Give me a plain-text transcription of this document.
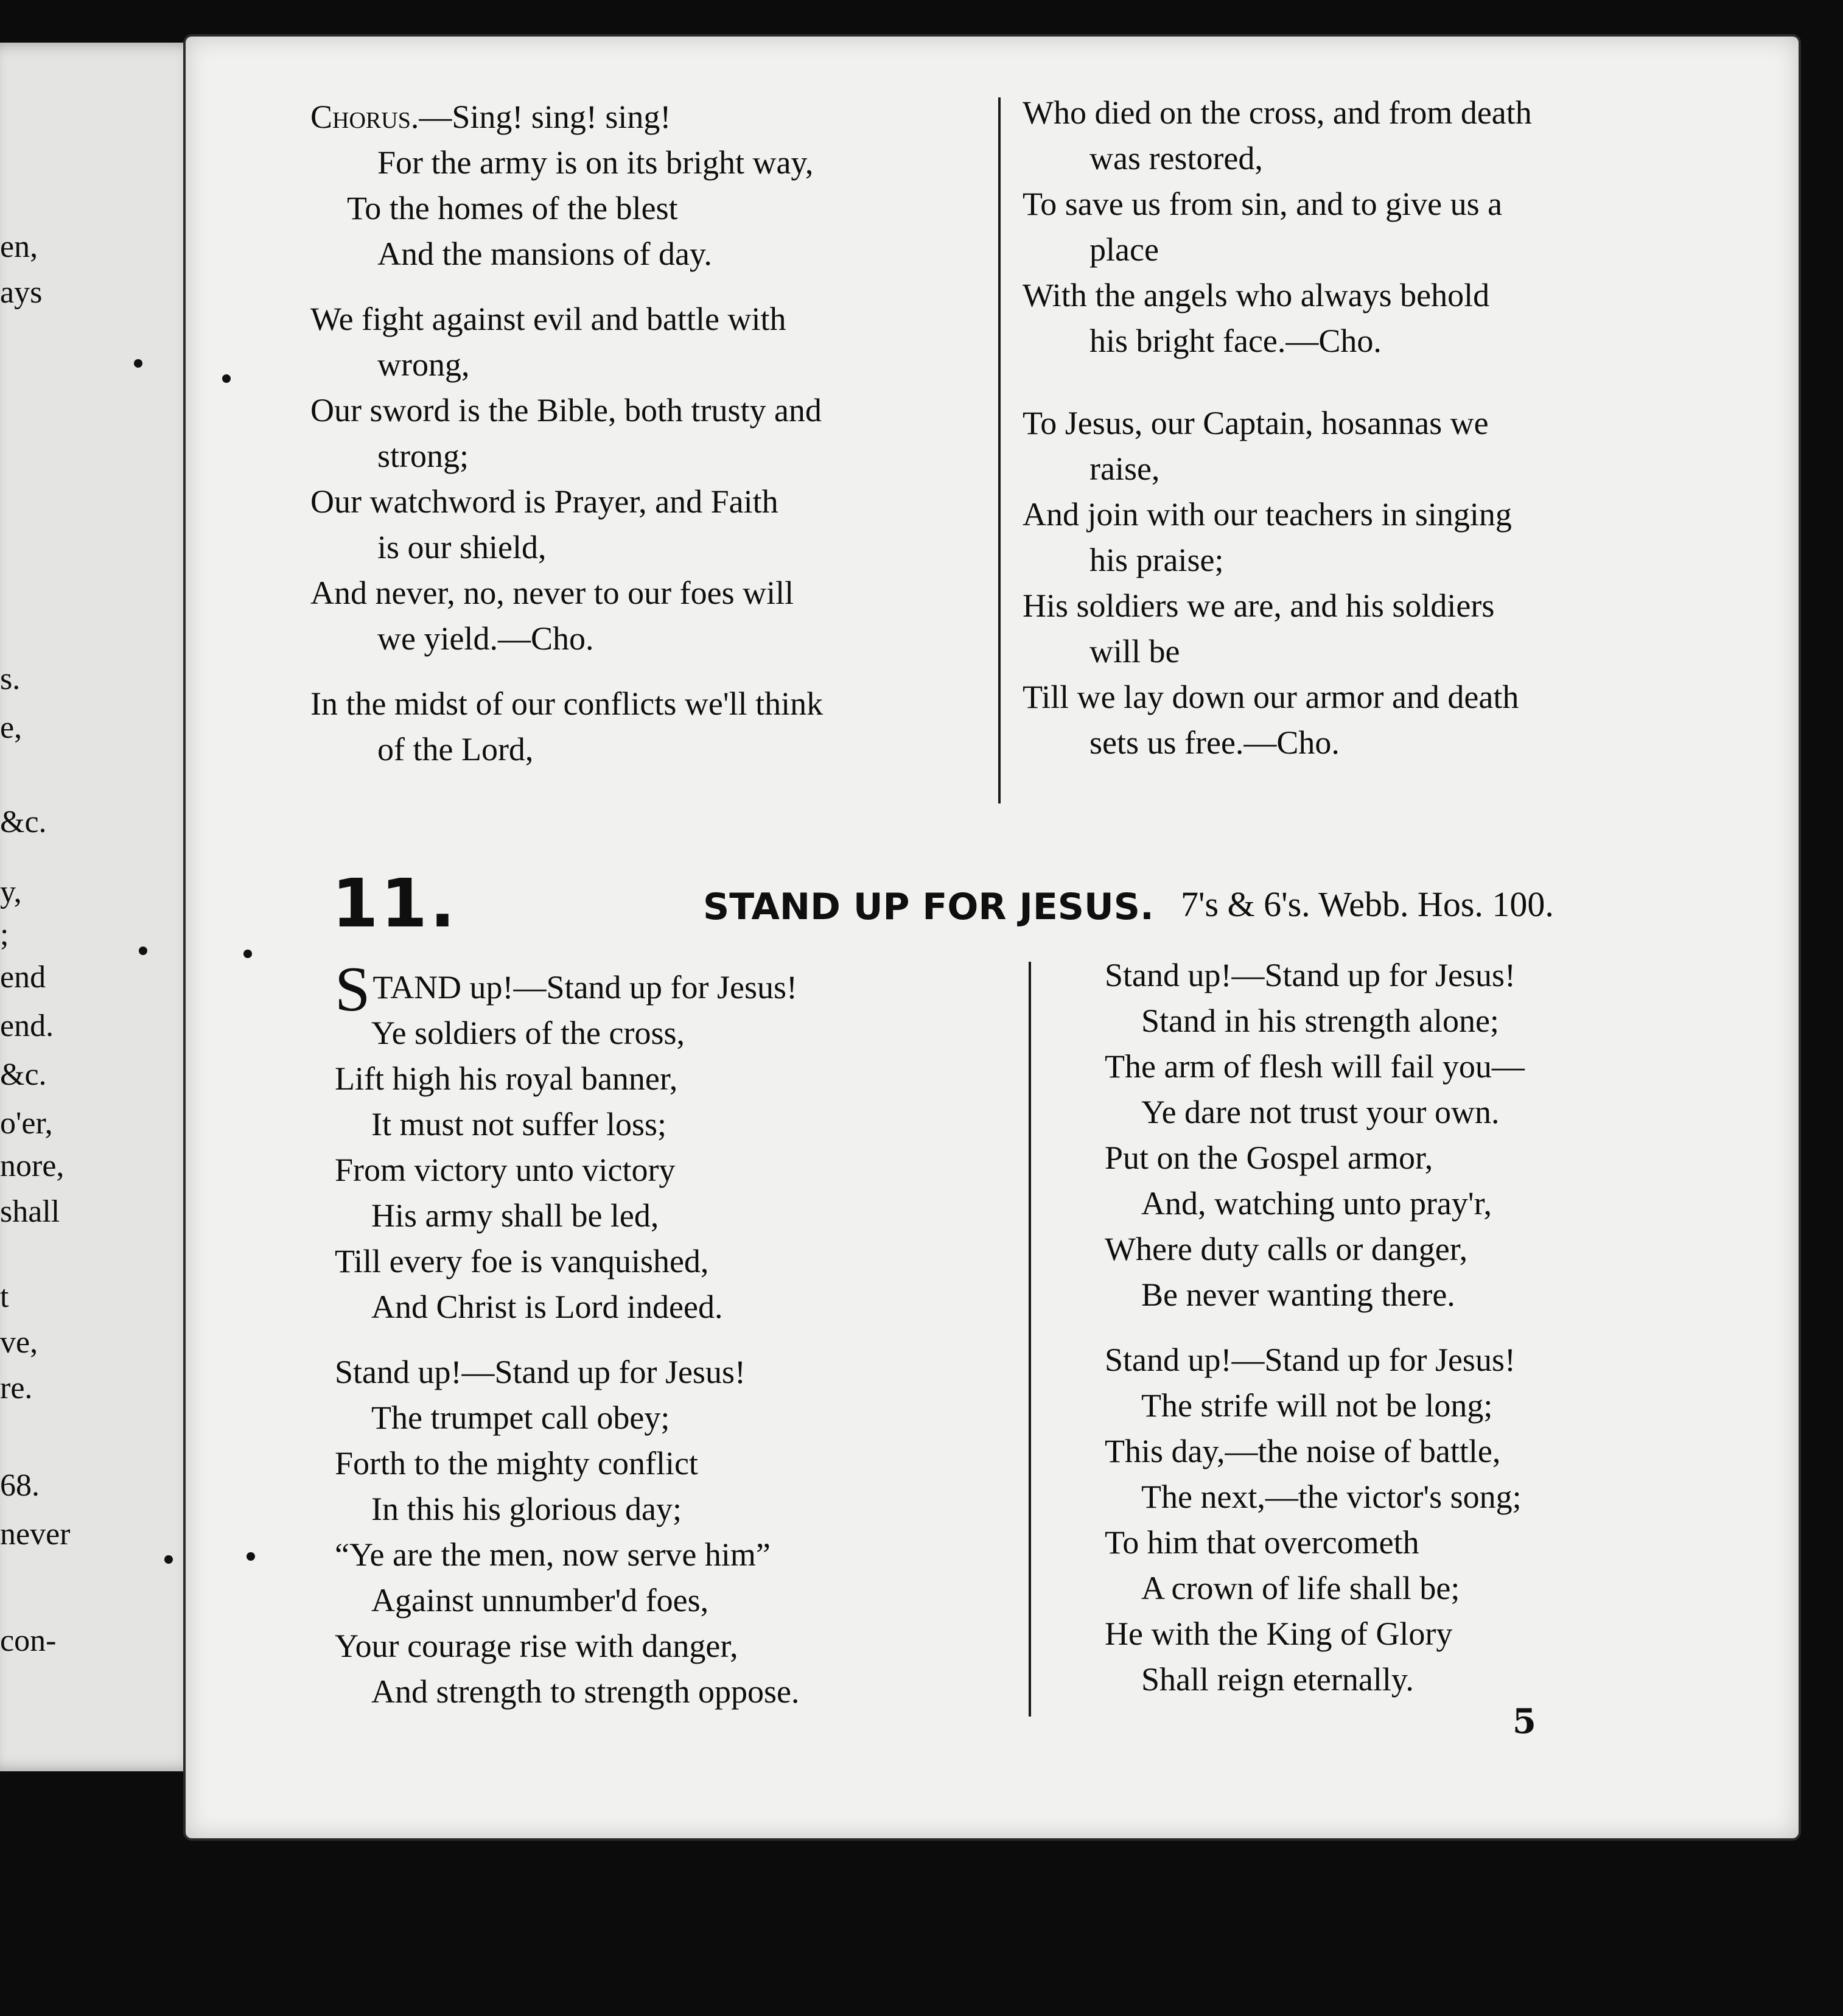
en,
ays
s.
e,
&c.
y,
;
end
end.
&c.
o'er,
nore,
shall
t
ve,
re.
68.
never
con-
Chorus.—Sing! sing! sing!
For the army is on its bright way,
To the homes of the blest
And the mansions of day.
We fight against evil and battle with
wrong,
Our sword is the Bible, both trusty and
strong;
Our watchword is Prayer, and Faith
is our shield,
And never, no, never to our foes will
we yield.—Cho.
In the midst of our conflicts we'll think
of the Lord,
Who died on the cross, and from death
was restored,
To save us from sin, and to give us a
place
With the angels who always behold
his bright face.—Cho.
To Jesus, our Captain, hosannas we
raise,
And join with our teachers in singing
his praise;
His soldiers we are, and his soldiers
will be
Till we lay down our armor and death
sets us free.—Cho.
11.	STAND UP FOR JESUS. 7's & 6's. Webb. Hos. 100.
STAND up!—Stand up for Jesus!
Ye soldiers of the cross,
Lift high his royal banner,
It must not suffer loss;
From victory unto victory
His army shall be led,
Till every foe is vanquished,
And Christ is Lord indeed.
Stand up!—Stand up for Jesus!
The trumpet call obey;
Forth to the mighty conflict
In this his glorious day;
“Ye are the men, now serve him”
Against unnumber'd foes,
Your courage rise with danger,
And strength to strength oppose.
Stand up!—Stand up for Jesus!
Stand in his strength alone;
The arm of flesh will fail you—
Ye dare not trust your own.
Put on the Gospel armor,
And, watching unto pray'r,
Where duty calls or danger,
Be never wanting there.
Stand up!—Stand up for Jesus!
The strife will not be long;
This day,—the noise of battle,
The next,—the victor's song;
To him that overcometh
A crown of life shall be;
He with the King of Glory
Shall reign eternally.
5
